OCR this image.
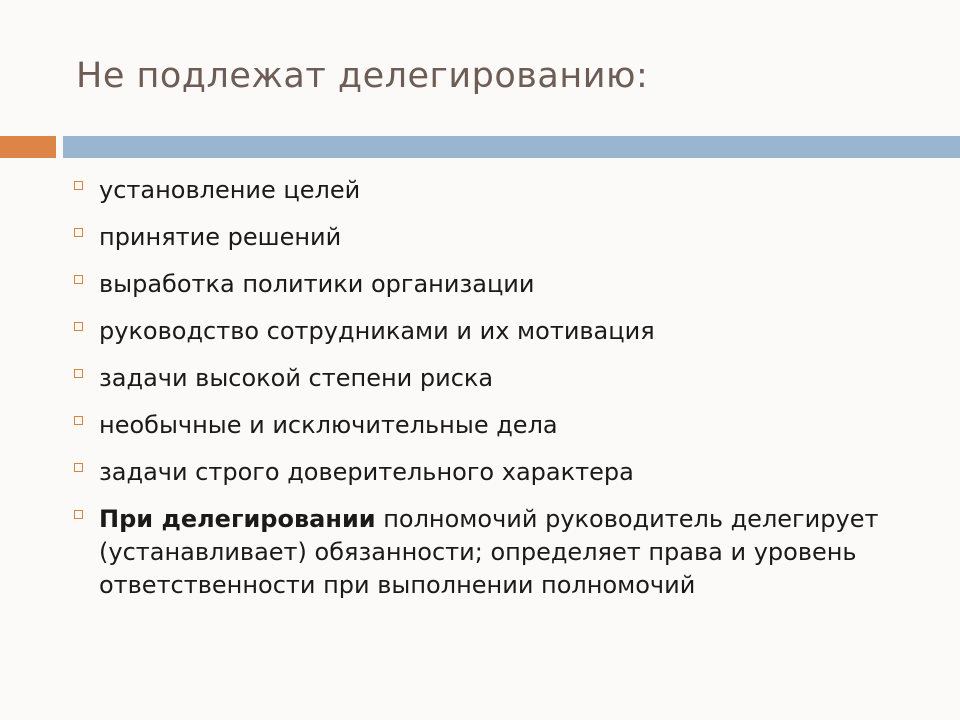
Не подлежат делегированию:
установление целей
принятие решений
выработка политики организации
руководство сотрудниками и их мотивация
задачи высокой степени риска
необычные и исключительные дела
задачи строго доверительного характера
При делегировании полномочий руководитель делегирует (устанавливает) обязанности; определяет права и уровень ответственности при выполнении полномочий
